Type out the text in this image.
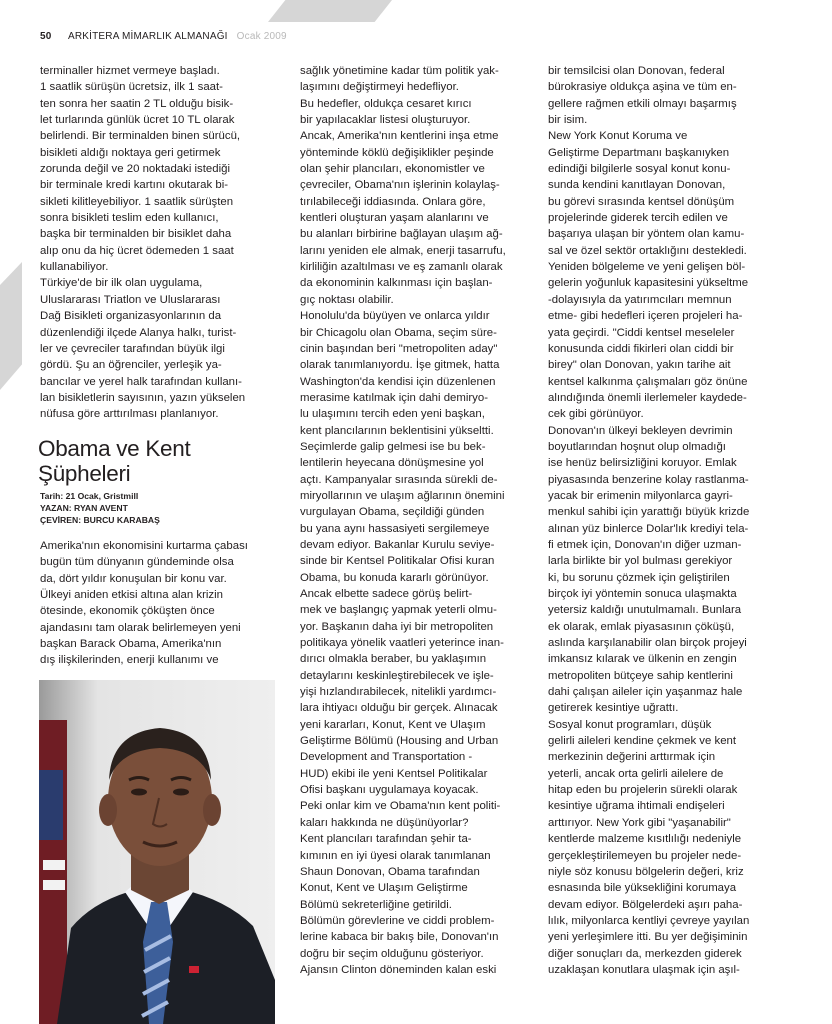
50 ARKİTERA MİMARLIK ALMANAĞI Ocak 2009

terminaller hizmet vermeye başladı.
1 saatlik sürüşün ücretsiz, ilk 1 saat-
ten sonra her saatin 2 TL olduğu bisik-
let turlarında günlük ücret 10 TL olarak
belirlendi. Bir terminalden binen sürücü,
bisikleti aldığı noktaya geri getirmek
zorunda değil ve 20 noktadaki istediği
bir terminale kredi kartını okutarak bi-
sikleti kilitleyebiliyor. 1 saatlik sürüşten
sonra bisikleti teslim eden kullanıcı,
başka bir terminalden bir bisiklet daha
alıp onu da hiç ücret ödemeden 1 saat
kullanabiliyor.
Türkiye'de bir ilk olan uygulama,
Uluslararası Triatlon ve Uluslararası
Dağ Bisikleti organizasyonlarının da
düzenlendiği ilçede Alanya halkı, turist-
ler ve çevreciler tarafından büyük ilgi
gördü. Şu an öğrenciler, yerleşik ya-
bancılar ve yerel halk tarafından kullanı-
lan bisikletlerin sayısının, yazın yükselen
nüfusa göre arttırılması planlanıyor.

Obama ve Kent
Şüpheleri
Tarih: 21 Ocak, Gristmill
YAZAN: RYAN AVENT
ÇEVİREN: BURCU KARABAŞ

Amerika'nın ekonomisini kurtarma çabası
bugün tüm dünyanın gündeminde olsa
da, dört yıldır konuşulan bir konu var.
Ülkeyi aniden etkisi altına alan krizin
ötesinde, ekonomik çöküşten önce
ajandasını tam olarak belirlemeyen yeni
başkan Barack Obama, Amerika'nın
dış ilişkilerinden, enerji kullanımı ve

sağlık yönetimine kadar tüm politik yak-
laşımını değiştirmeyi hedefliyor.
Bu hedefler, oldukça cesaret kırıcı
bir yapılacaklar listesi oluşturuyor.
Ancak, Amerika'nın kentlerini inşa etme
yönteminde köklü değişiklikler peşinde
olan şehir plancıları, ekonomistler ve
çevreciler, Obama'nın işlerinin kolaylaş-
tırılabileceği iddiasında. Onlara göre,
kentleri oluşturan yaşam alanlarını ve
bu alanları birbirine bağlayan ulaşım ağ-
larını yeniden ele almak, enerji tasarrufu,
kirliliğin azaltılması ve eş zamanlı olarak
da ekonominin kalkınması için başlan-
gıç noktası olabilir.
Honolulu'da büyüyen ve onlarca yıldır
bir Chicagolu olan Obama, seçim süre-
cinin başından beri "metropoliten aday"
olarak tanımlanıyordu. İşe gitmek, hatta
Washington'da kendisi için düzenlenen
merasime katılmak için dahi demiryo-
lu ulaşımını tercih eden yeni başkan,
kent plancılarının beklentisini yükseltti.
Seçimlerde galip gelmesi ise bu bek-
lentilerin heyecana dönüşmesine yol
açtı. Kampanyalar sırasında sürekli de-
miryollarının ve ulaşım ağlarının önemini
vurgulayan Obama, seçildiği günden
bu yana aynı hassasiyeti sergilemeye
devam ediyor. Bakanlar Kurulu seviye-
sinde bir Kentsel Politikalar Ofisi kuran
Obama, bu konuda kararlı görünüyor.
Ancak elbette sadece görüş belirt-
mek ve başlangıç yapmak yeterli olmu-
yor. Başkanın daha iyi bir metropoliten
politikaya yönelik vaatleri yeterince inan-
dırıcı olmakla beraber, bu yaklaşımın
detaylarını keskinleştirebilecek ve işle-
yişi hızlandırabilecek, nitelikli yardımcı-
lara ihtiyacı olduğu bir gerçek. Alınacak
yeni kararları, Konut, Kent ve Ulaşım
Geliştirme Bölümü (Housing and Urban
Development and Transportation -
HUD) ekibi ile yeni Kentsel Politikalar
Ofisi başkanı uygulamaya koyacak.
Peki onlar kim ve Obama'nın kent politi-
kaları hakkında ne düşünüyorlar?
Kent plancıları tarafından şehir ta-
kımının en iyi üyesi olarak tanımlanan
Shaun Donovan, Obama tarafından
Konut, Kent ve Ulaşım Geliştirme
Bölümü sekreterliğine getirildi.
Bölümün görevlerine ve ciddi problem-
lerine kabaca bir bakış bile, Donovan'ın
doğru bir seçim olduğunu gösteriyor.
Ajansın Clinton döneminden kalan eski

bir temsilcisi olan Donovan, federal
bürokrasiye oldukça aşina ve tüm en-
gellere rağmen etkili olmayı başarmış
bir isim.
New York Konut Koruma ve
Geliştirme Departmanı başkanıyken
edindiği bilgilerle sosyal konut konu-
sunda kendini kanıtlayan Donovan,
bu görevi sırasında kentsel dönüşüm
projelerinde giderek tercih edilen ve
başarıya ulaşan bir yöntem olan kamu-
sal ve özel sektör ortaklığını destekledi.
Yeniden bölgeleme ve yeni gelişen böl-
gelerin yoğunluk kapasitesini yükseltme
-dolayısıyla da yatırımcıları memnun
etme- gibi hedefleri içeren projeleri ha-
yata geçirdi. "Ciddi kentsel meseleler
konusunda ciddi fikirleri olan ciddi bir
birey" olan Donovan, yakın tarihe ait
kentsel kalkınma çalışmaları göz önüne
alındığında önemli ilerlemeler kaydede-
cek gibi görünüyor.
Donovan'ın ülkeyi bekleyen devrimin
boyutlarından hoşnut olup olmadığı
ise henüz belirsizliğini koruyor. Emlak
piyasasında benzerine kolay rastlanma-
yacak bir erimenin milyonlarca gayri-
menkul sahibi için yarattığı büyük krizde
alınan yüz binlerce Dolar'lık krediyi tela-
fi etmek için, Donovan'ın diğer uzman-
larla birlikte bir yol bulması gerekiyor
ki, bu sorunu çözmek için geliştirilen
birçok iyi yöntemin sonuca ulaşmakta
yetersiz kaldığı unutulmamalı. Bunlara
ek olarak, emlak piyasasının çöküşü,
aslında karşılanabilir olan birçok projeyi
imkansız kılarak ve ülkenin en zengin
metropoliten bütçeye sahip kentlerini
dahi çalışan aileler için yaşanmaz hale
getirerek kesintiye uğrattı.
Sosyal konut programları, düşük
gelirli aileleri kendine çekmek ve kent
merkezinin değerini arttırmak için
yeterli, ancak orta gelirli ailelere de
hitap eden bu projelerin sürekli olarak
kesintiye uğrama ihtimali endişeleri
arttırıyor. New York gibi "yaşanabilir"
kentlerde malzeme kısıtlılığı nedeniyle
gerçekleştirilemeyen bu projeler nede-
niyle söz konusu bölgelerin değeri, kriz
esnasında bile yüksekliğini korumaya
devam ediyor. Bölgelerdeki aşırı paha-
lılık, milyonlarca kentliyi çevreye yayılan
yeni yerleşimlere itti. Bu yer değişiminin
diğer sonuçları da, merkezden giderek
uzaklaşan konutlara ulaşmak için aşıl-
